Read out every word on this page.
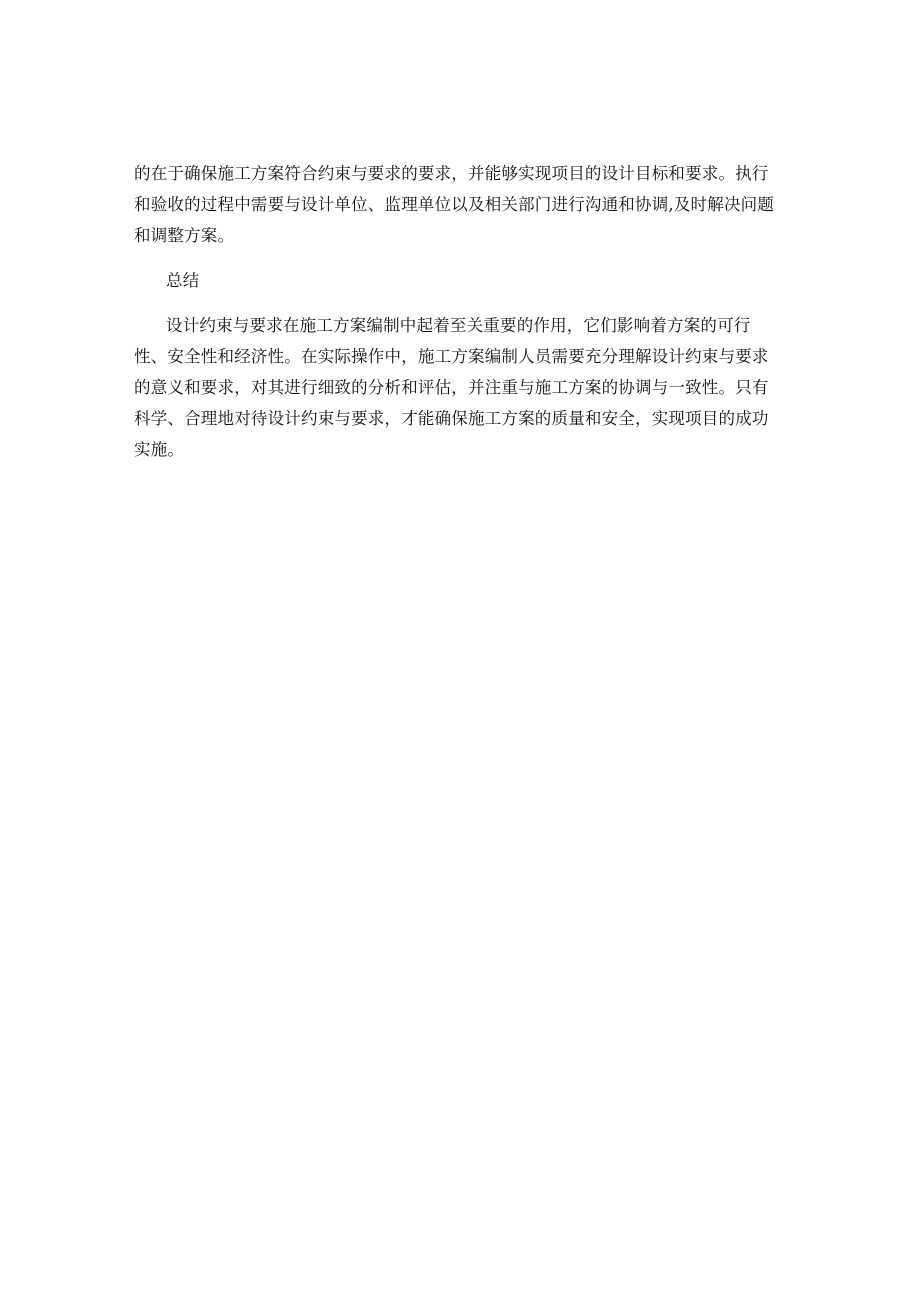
的在于确保施工方案符合约束与要求的要求，并能够实现项目的设计目标和要求。执行
和验收的过程中需要与设计单位、监理单位以及相关部门进行沟通和协调,及时解决问题
和调整方案。
总结
设计约束与要求在施工方案编制中起着至关重要的作用，它们影响着方案的可行
性、安全性和经济性。在实际操作中，施工方案编制人员需要充分理解设计约束与要求
的意义和要求，对其进行细致的分析和评估，并注重与施工方案的协调与一致性。只有
科学、合理地对待设计约束与要求，才能确保施工方案的质量和安全，实现项目的成功
实施。
